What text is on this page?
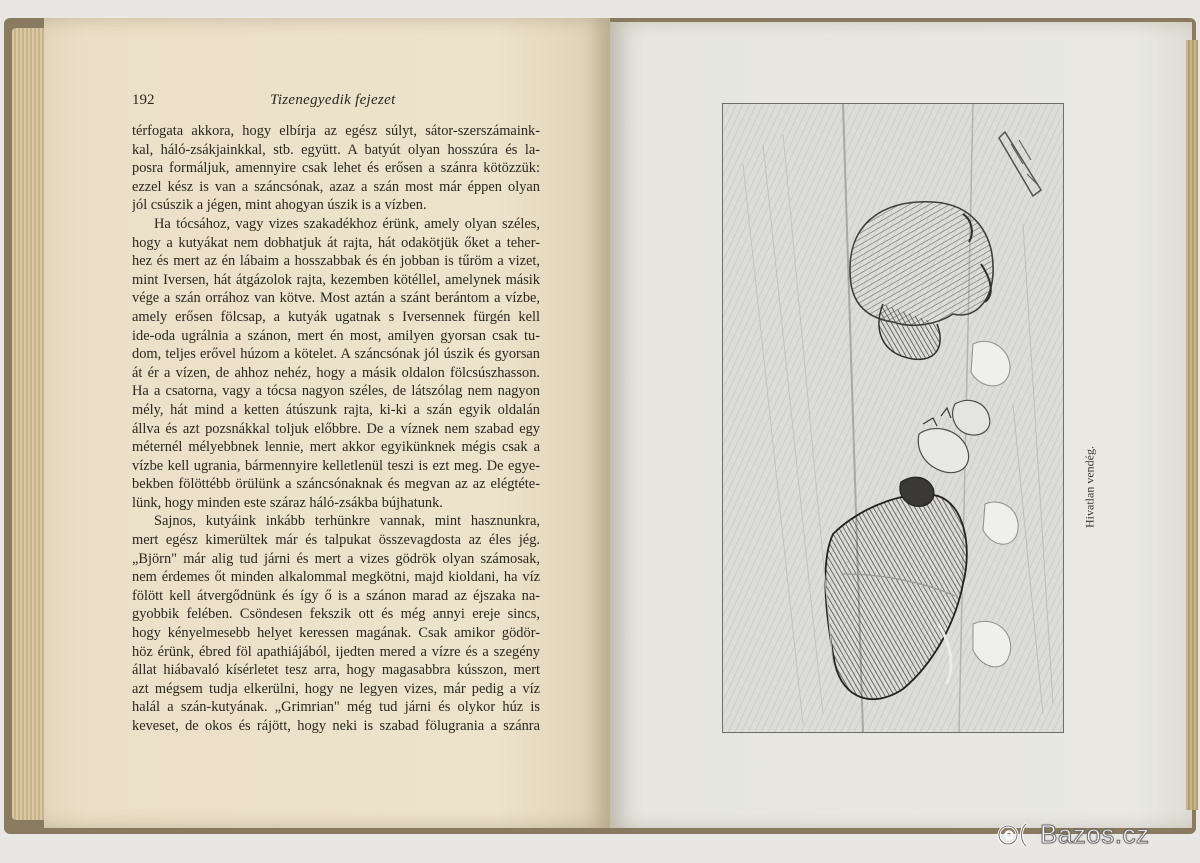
192	Tizenegyedik fejezet
térfogata akkora, hogy elbírja az egész súlyt, sátor-szerszámaink-
kal, háló-zsákjainkkal, stb. együtt. A batyút olyan hosszúra és la-
posra formáljuk, amennyire csak lehet és erősen a szánra kötözzük:
ezzel kész is van a száncsónak, azaz a szán most már éppen olyan
jól csúszik a jégen, mint ahogyan úszik is a vízben.
Ha tócsához, vagy vizes szakadékhoz érünk, amely olyan széles,
hogy a kutyákat nem dobhatjuk át rajta, hát odakötjük őket a teher-
hez és mert az én lábaim a hosszabbak és én jobban is tűröm a vizet,
mint Iversen, hát átgázolok rajta, kezemben kötéllel, amelynek másik
vége a szán orrához van kötve. Most aztán a szánt berántom a vízbe,
amely erősen fölcsap, a kutyák ugatnak s Iversennek fürgén kell
ide-oda ugrálnia a szánon, mert én most, amilyen gyorsan csak tu-
dom, teljes erővel húzom a kötelet. A száncsónak jól úszik és gyorsan
át ér a vízen, de ahhoz nehéz, hogy a másik oldalon fölcsúszhasson.
Ha a csatorna, vagy a tócsa nagyon széles, de látszólag nem nagyon
mély, hát mind a ketten átúszunk rajta, ki-ki a szán egyik oldalán
állva és azt pozsnákkal toljuk előbbre. De a víznek nem szabad egy
méternél mélyebbnek lennie, mert akkor egyikünknek mégis csak a
vízbe kell ugrania, bármennyire kelletlenül teszi is ezt meg. De egye-
bekben fölöttébb örülünk a száncsónaknak és megvan az az elégtéte-
lünk, hogy minden este száraz háló-zsákba bújhatunk.
Sajnos, kutyáink inkább terhünkre vannak, mint hasznunkra,
mert egész kimerültek már és talpukat összevagdosta az éles jég.
„Björn" már alig tud járni és mert a vizes gödrök olyan számosak,
nem érdemes őt minden alkalommal megkötni, majd kioldani, ha víz
fölött kell átvergődnünk és így ő is a szánon marad az éjszaka na-
gyobbik felében. Csöndesen fekszik ott és még annyi ereje sincs,
hogy kényelmesebb helyet keressen magának. Csak amikor gödör-
höz érünk, ébred föl apathiájából, ijedten mered a vízre és a szegény
állat hiábavaló kísérletet tesz arra, hogy magasabbra kússzon, mert
azt mégsem tudja elkerülni, hogy ne legyen vizes, már pedig a víz
halál a szán-kutyának. „Grimrian" még tud járni és olykor húz is
keveset, de okos és rájött, hogy neki is szabad fölugrania a szánra
Hivatlan vendég.
Bazos.cz
